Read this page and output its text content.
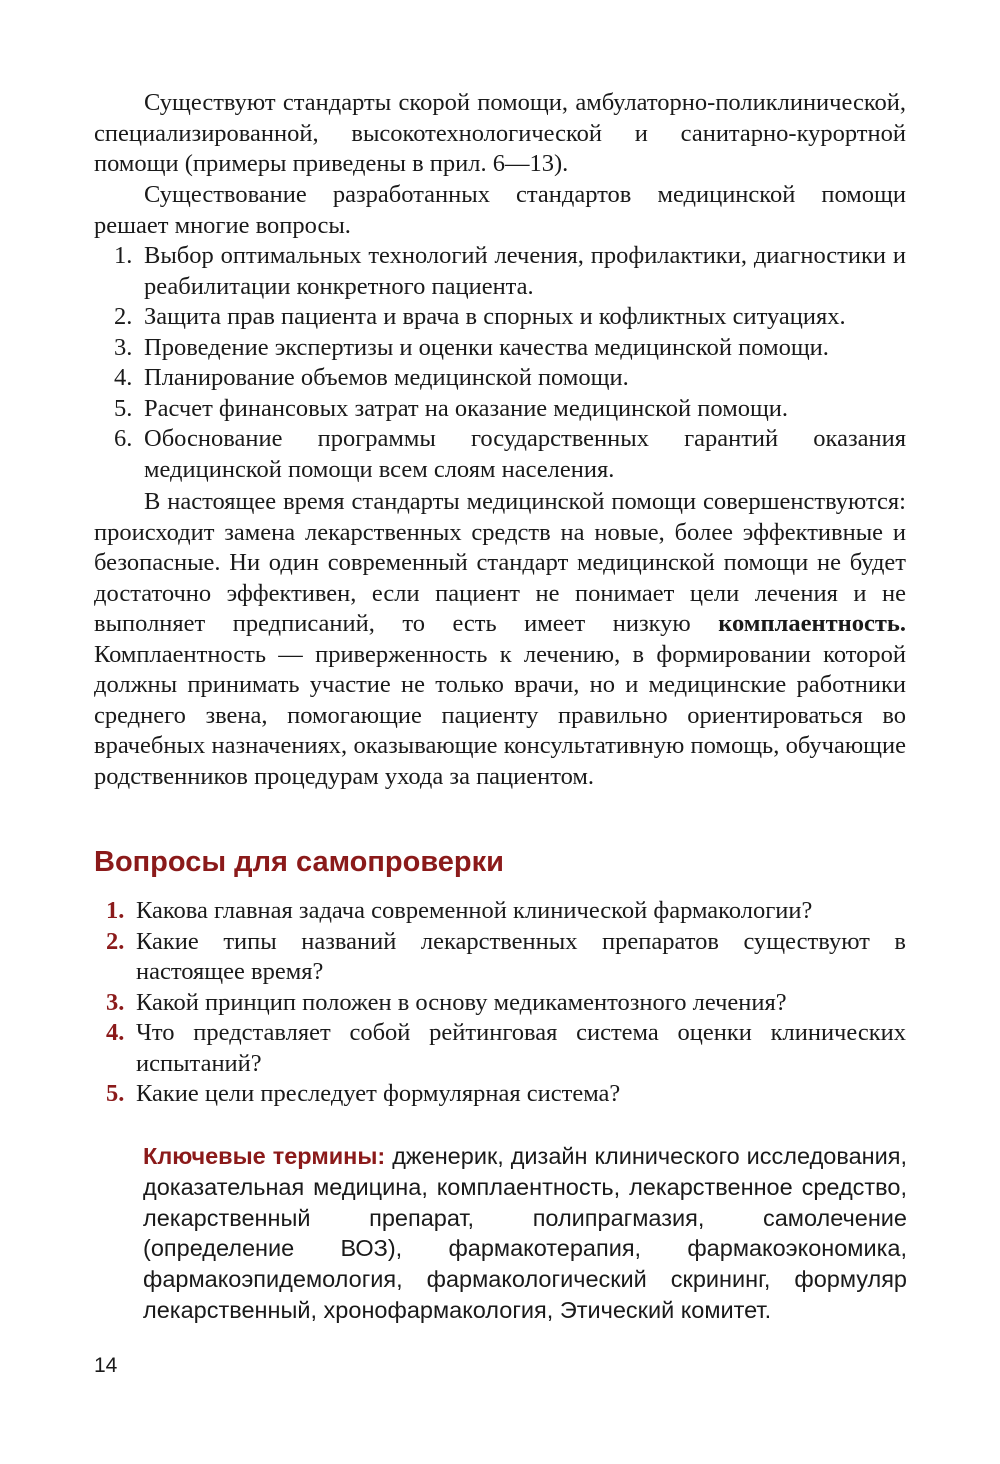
Существуют стандарты скорой помощи, амбулаторно-поликлинической, специализированной, высокотехнологической и санитарно-курортной помощи (примеры приведены в прил. 6—13).

Существование разработанных стандартов медицинской помощи решает многие вопросы.

1. Выбор оптимальных технологий лечения, профилактики, диагностики и реабилитации конкретного пациента.
2. Защита прав пациента и врача в спорных и кофликтных ситуациях.
3. Проведение экспертизы и оценки качества медицинской помощи.
4. Планирование объемов медицинской помощи.
5. Расчет финансовых затрат на оказание медицинской помощи.
6. Обоснование программы государственных гарантий оказания медицинской помощи всем слоям населения.

В настоящее время стандарты медицинской помощи совершенствуются: происходит замена лекарственных средств на новые, более эффективные и безопасные. Ни один современный стандарт медицинской помощи не будет достаточно эффективен, если пациент не понимает цели лечения и не выполняет предписаний, то есть имеет низкую комплаентность. Комплаентность — приверженность к лечению, в формировании которой должны принимать участие не только врачи, но и медицинские работники среднего звена, помогающие пациенту правильно ориентироваться во врачебных назначениях, оказывающие консультативную помощь, обучающие родственников процедурам ухода за пациентом.

Вопросы для самопроверки
1. Какова главная задача современной клинической фармакологии?
2. Какие типы названий лекарственных препаратов существуют в настоящее время?
3. Какой принцип положен в основу медикаментозного лечения?
4. Что представляет собой рейтинговая система оценки клинических испытаний?
5. Какие цели преследует формулярная система?

Ключевые термины: дженерик, дизайн клинического исследования, доказательная медицина, комплаентность, лекарственное средство, лекарственный препарат, полипрагмазия, самолечение (определение ВОЗ), фармакотерапия, фармакоэкономика, фармакоэпидемология, фармакологический скрининг, формуляр лекарственный, хронофармакология, Этический комитет.

14
